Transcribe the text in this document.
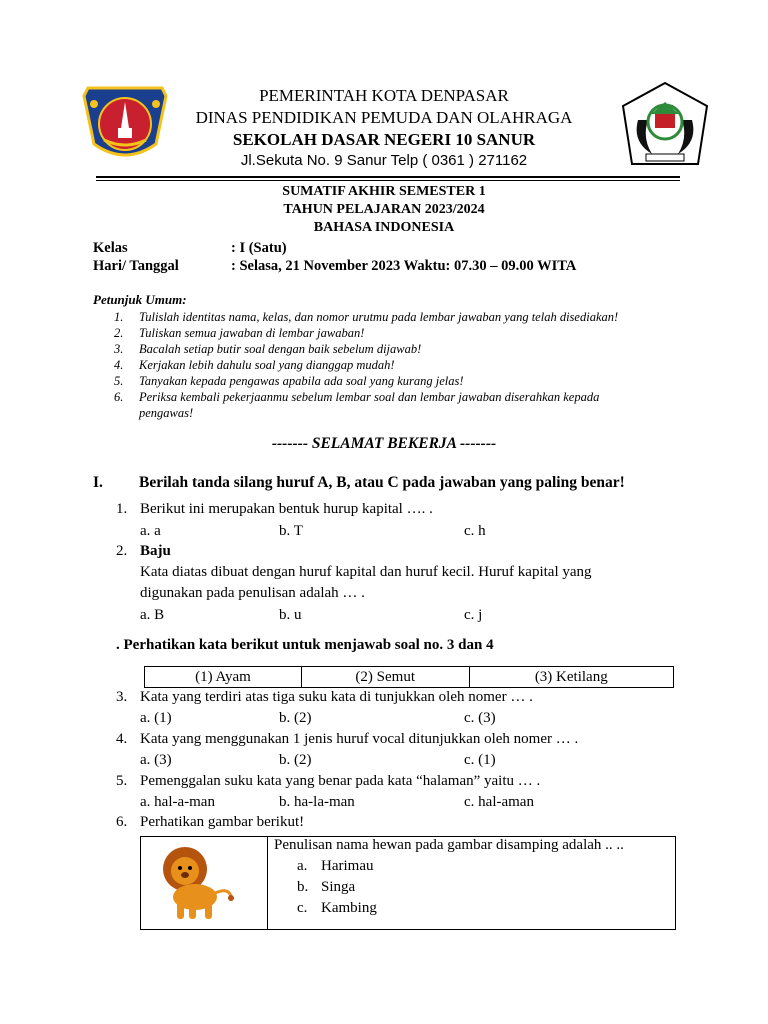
PEMERINTAH KOTA DENPASAR
DINAS PENDIDIKAN PEMUDA DAN OLAHRAGA
SEKOLAH DASAR NEGERI 10 SANUR
Jl.Sekuta No. 9 Sanur Telp ( 0361 ) 271162
SUMATIF AKHIR SEMESTER 1
TAHUN PELAJARAN 2023/2024
BAHASA INDONESIA
Kelas	: I (Satu)
Hari/ Tanggal	: Selasa, 21 November 2023 Waktu: 07.30 – 09.00 WITA
Petunjuk Umum:
1. Tulislah identitas nama, kelas, dan nomor urutmu pada lembar jawaban yang telah disediakan!
2. Tuliskan semua jawaban di lembar jawaban!
3. Bacalah setiap butir soal dengan baik sebelum dijawab!
4. Kerjakan lebih dahulu soal yang dianggap mudah!
5. Tanyakan kepada pengawas apabila ada soal yang kurang jelas!
6. Periksa kembali pekerjaanmu sebelum lembar soal dan lembar jawaban diserahkan kepada
pengawas!
------- SELAMAT BEKERJA -------
I. Berilah tanda silang huruf A, B, atau C pada jawaban yang paling benar!
1. Berikut ini merupakan bentuk hurup kapital …. .
a. a	b. T	c. h
2. Baju
Kata diatas dibuat dengan huruf kapital dan huruf kecil. Huruf kapital yang
digunakan pada penulisan adalah … .
a. B	b. u	c. j
. Perhatikan kata berikut untuk menjawab soal no. 3 dan 4
(1) Ayam	(2) Semut	(3) Ketilang
3. Kata yang terdiri atas tiga suku kata di tunjukkan oleh nomer … .
a. (1)	b. (2)	c. (3)
4. Kata yang menggunakan 1 jenis huruf vocal ditunjukkan oleh nomer … .
a. (3)	b. (2)	c. (1)
5. Pemenggalan suku kata yang benar pada kata “halaman” yaitu … .
a. hal-a-man	b. ha-la-man	c. hal-aman
6. Perhatikan gambar berikut!
Penulisan nama hewan pada gambar disamping adalah .. ..
a. Harimau
b. Singa
c. Kambing
